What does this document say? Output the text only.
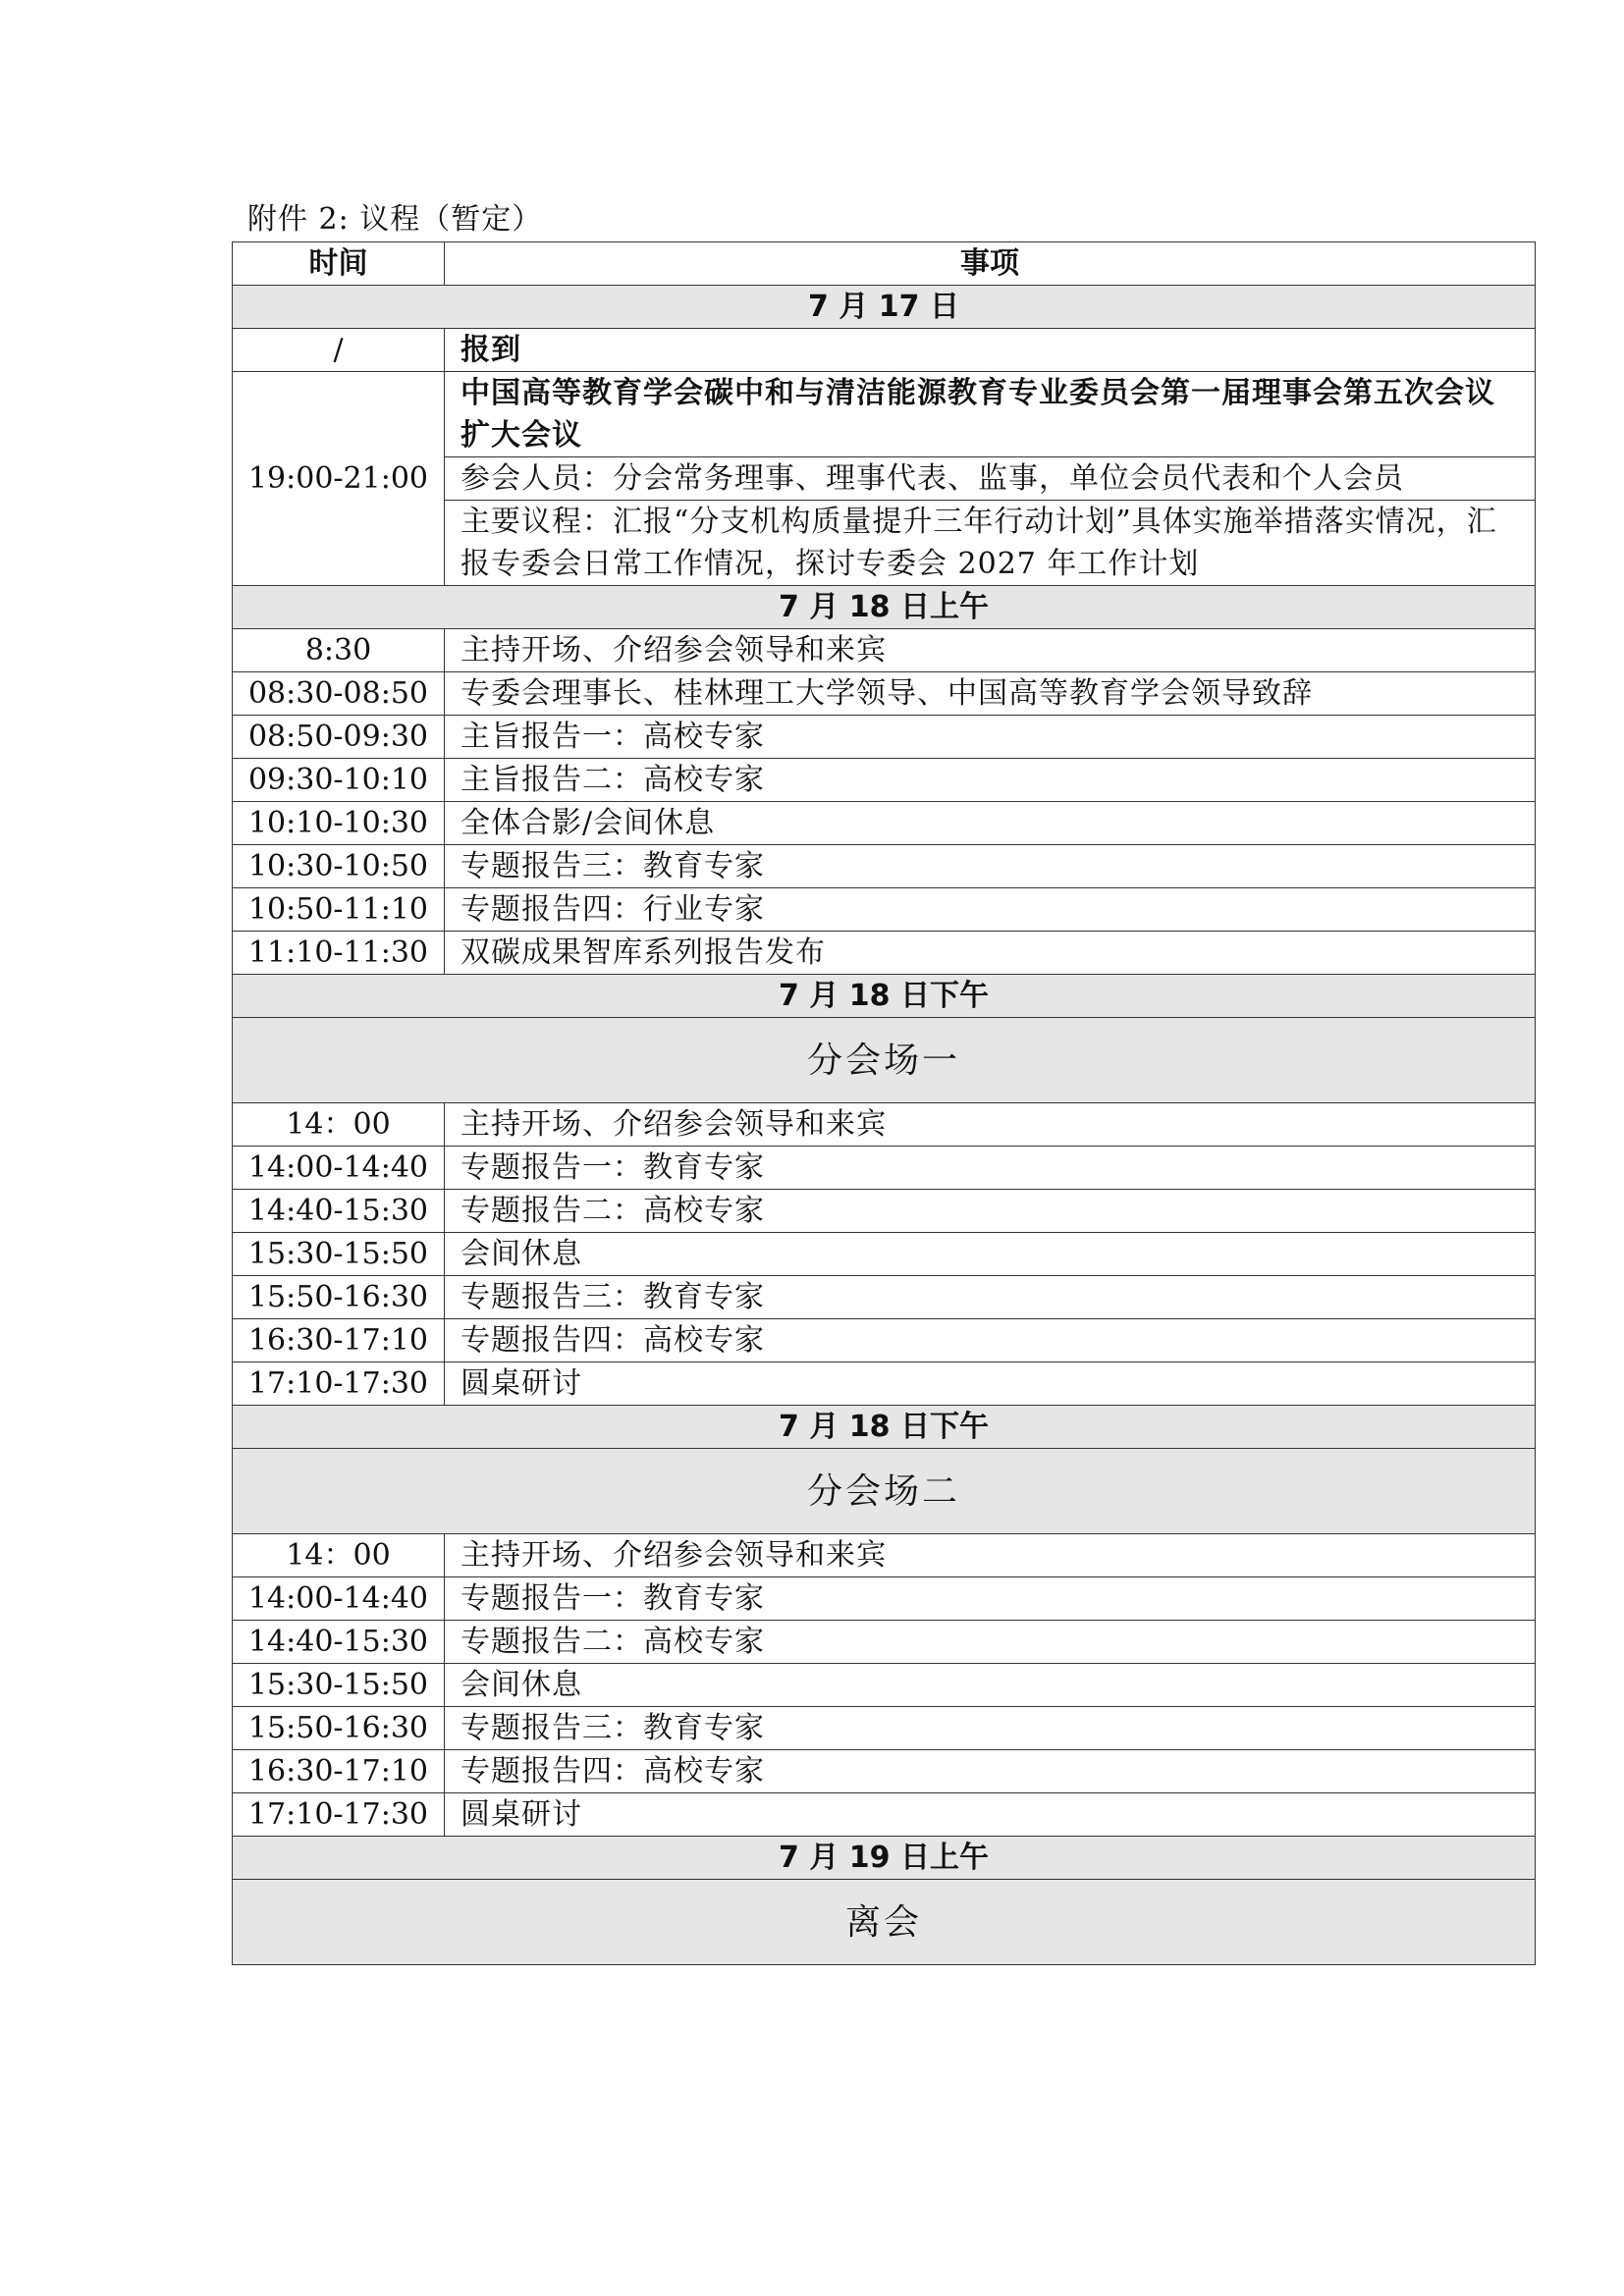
附件 2: 议程（暂定）
时间	事项
7 月 17 日	
/	报到
19:00-21:00	中国高等教育学会碳中和与清洁能源教育专业委员会第一届理事会第五次会议扩大会议
	参会人员：分会常务理事、理事代表、监事，单位会员代表和个人会员
	主要议程：汇报“分支机构质量提升三年行动计划”具体实施举措落实情况，汇报专委会日常工作情况，探讨专委会 2027 年工作计划
7 月 18 日上午	
8:30	主持开场、介绍参会领导和来宾
08:30-08:50	专委会理事长、桂林理工大学领导、中国高等教育学会领导致辞
08:50-09:30	主旨报告一：高校专家
09:30-10:10	主旨报告二：高校专家
10:10-10:30	全体合影/会间休息
10:30-10:50	专题报告三：教育专家
10:50-11:10	专题报告四：行业专家
11:10-11:30	双碳成果智库系列报告发布
7 月 18 日下午	
分会场一	
14：00	主持开场、介绍参会领导和来宾
14:00-14:40	专题报告一：教育专家
14:40-15:30	专题报告二：高校专家
15:30-15:50	会间休息
15:50-16:30	专题报告三：教育专家
16:30-17:10	专题报告四：高校专家
17:10-17:30	圆桌研讨
7 月 18 日下午	
分会场二	
14：00	主持开场、介绍参会领导和来宾
14:00-14:40	专题报告一：教育专家
14:40-15:30	专题报告二：高校专家
15:30-15:50	会间休息
15:50-16:30	专题报告三：教育专家
16:30-17:10	专题报告四：高校专家
17:10-17:30	圆桌研讨
7 月 19 日上午	
离会	
